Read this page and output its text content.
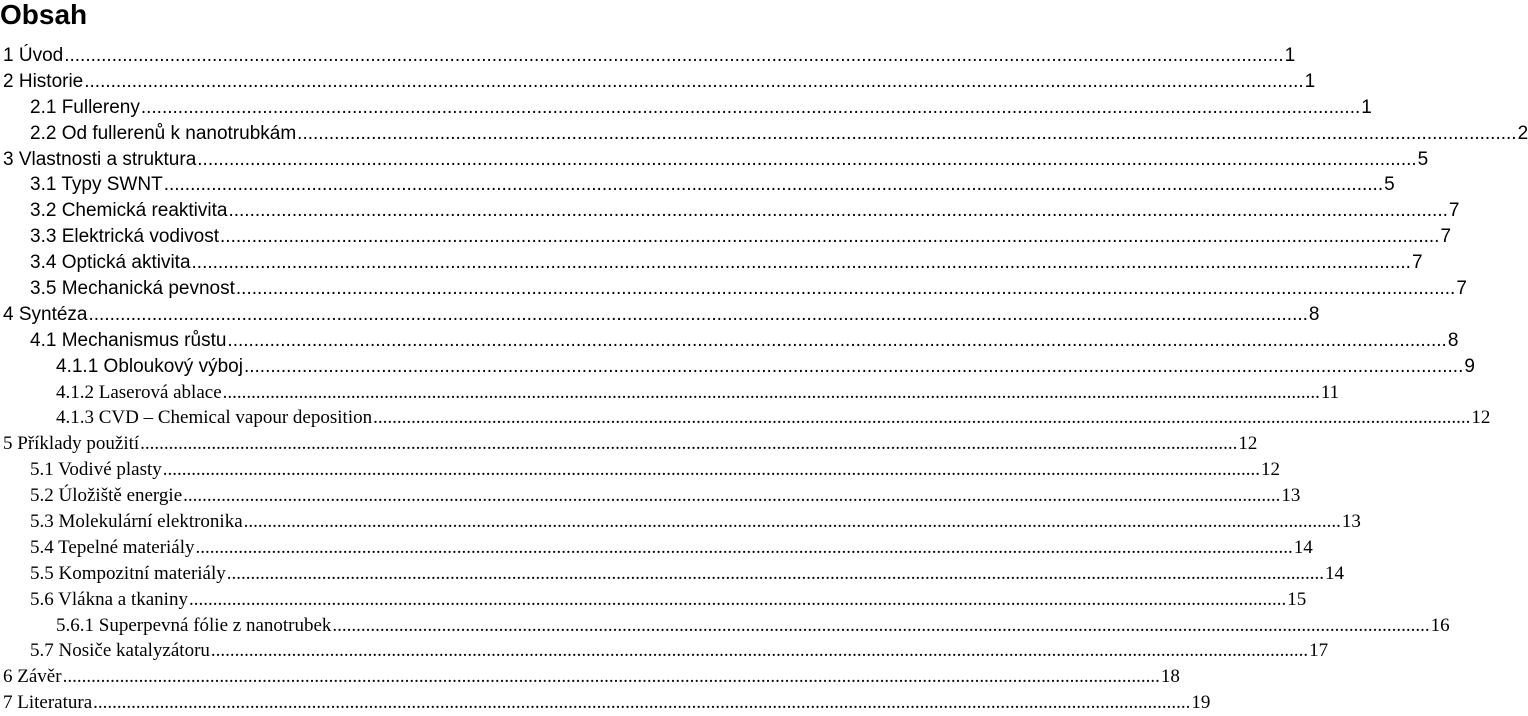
Obsah
1 Úvod .....	1
2 Historie .....	1
2.1 Fullereny .....	1
2.2 Od fullerenů k nanotrubkám .....	2
3 Vlastnosti a struktura .....	5
3.1 Typy SWNT .....	5
3.2 Chemická reaktivita .....	7
3.3 Elektrická vodivost .....	7
3.4 Optická aktivita .....	7
3.5 Mechanická pevnost .....	7
4 Syntéza .....	8
4.1 Mechanismus růstu .....	8
4.1.1 Obloukový výboj .....	9
4.1.2 Laserová ablace .....	11
4.1.3 CVD – Chemical vapour deposition .....	12
5 Příklady použití .....	12
5.1 Vodivé plasty .....	12
5.2 Úložiště energie .....	13
5.3 Molekulární elektronika .....	13
5.4 Tepelné materiály .....	14
5.5 Kompozitní materiály .....	14
5.6 Vlákna a tkaniny .....	15
5.6.1 Superpevná fólie z nanotrubek .....	16
5.7 Nosiče katalyzátoru .....	17
6 Závěr .....	18
7 Literatura .....	19
